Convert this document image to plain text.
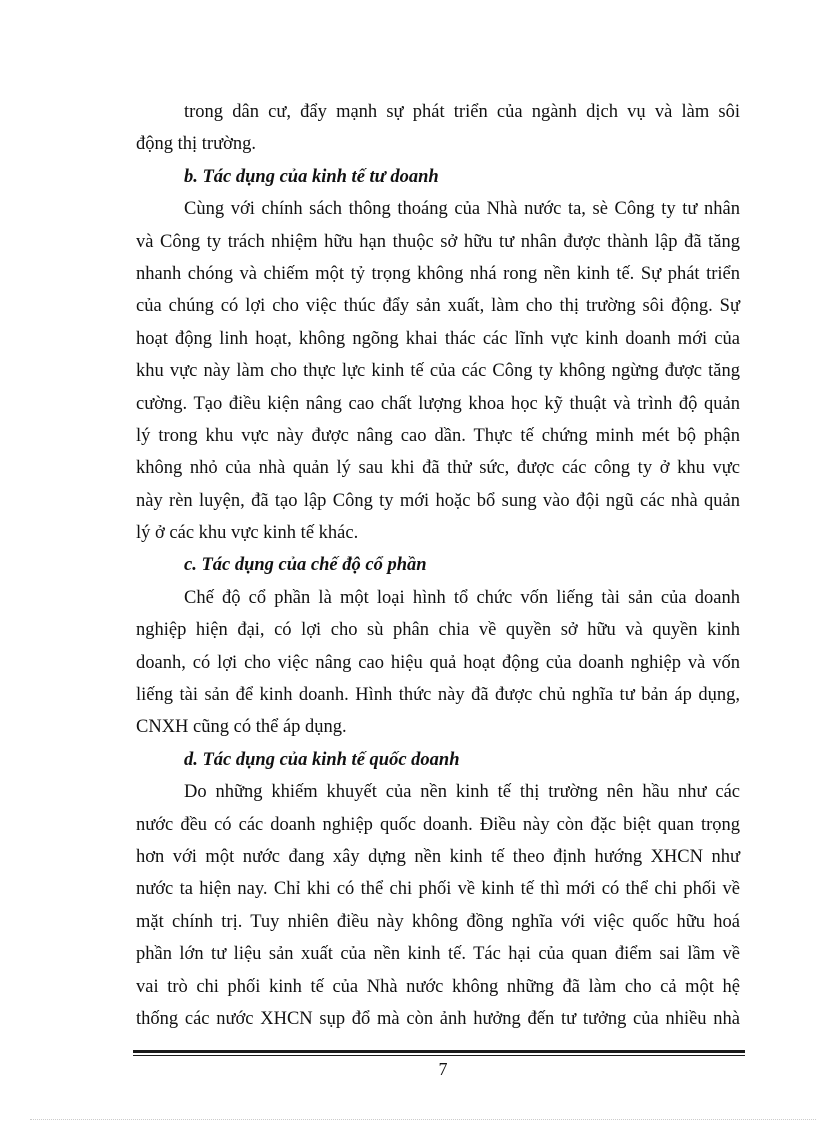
trong dân cư, đẩy mạnh sự phát triển của ngành dịch vụ và làm sôi
động thị trường.
b. Tác dụng của kinh tế tư doanh
Cùng với chính sách thông thoáng của Nhà nước ta, sè Công ty tư nhân
và Công ty trách nhiệm hữu hạn thuộc sở hữu tư nhân được thành lập đã tăng
nhanh chóng và chiếm một tỷ trọng không nhá rong nền kinh tế. Sự phát triển
của chúng có lợi cho việc thúc đẩy sản xuất, làm cho thị trường sôi động. Sự
hoạt động linh hoạt, không ngõng khai thác các lĩnh vực kinh doanh mới của
khu vực này làm cho thực lực kinh tế của các Công ty không ngừng được tăng
cường. Tạo điều kiện nâng cao chất lượng khoa học kỹ thuật và trình độ quản
lý trong khu vực này được nâng cao dần. Thực tế chứng minh mét bộ phận
không nhỏ của nhà quản lý sau khi đã thử sức, được các công ty ở khu vực
này rèn luyện, đã tạo lập Công ty mới hoặc bổ sung vào đội ngũ các nhà quản
lý ở các khu vực kinh tế khác.
c. Tác dụng của chế độ cổ phần
Chế độ cổ phần là một loại hình tổ chức vốn liếng tài sản của doanh
nghiệp hiện đại, có lợi cho sù phân chia về quyền sở hữu và quyền kinh
doanh, có lợi cho việc nâng cao hiệu quả hoạt động của doanh nghiệp và vốn
liếng tài sản để kinh doanh. Hình thức này đã được chủ nghĩa tư bản áp dụng,
CNXH cũng có thể áp dụng.
d. Tác dụng của kinh tế quốc doanh
Do những khiếm khuyết của nền kinh tế thị trường nên hầu như các
nước đều có các doanh nghiệp quốc doanh. Điều này còn đặc biệt quan trọng
hơn với một nước đang xây dựng nền kinh tế theo định hướng XHCN như
nước ta hiện nay. Chỉ khi có thể chi phối về kinh tế thì mới có thể chi phối về
mặt chính trị. Tuy nhiên điều này không đồng nghĩa với việc quốc hữu hoá
phần lớn tư liệu sản xuất của nền kinh tế. Tác hại của quan điểm sai lầm về
vai trò chi phối kinh tế của Nhà nước không những đã làm cho cả một hệ
thống các nước XHCN sụp đổ mà còn ảnh hưởng đến tư tưởng của nhiều nhà
7
